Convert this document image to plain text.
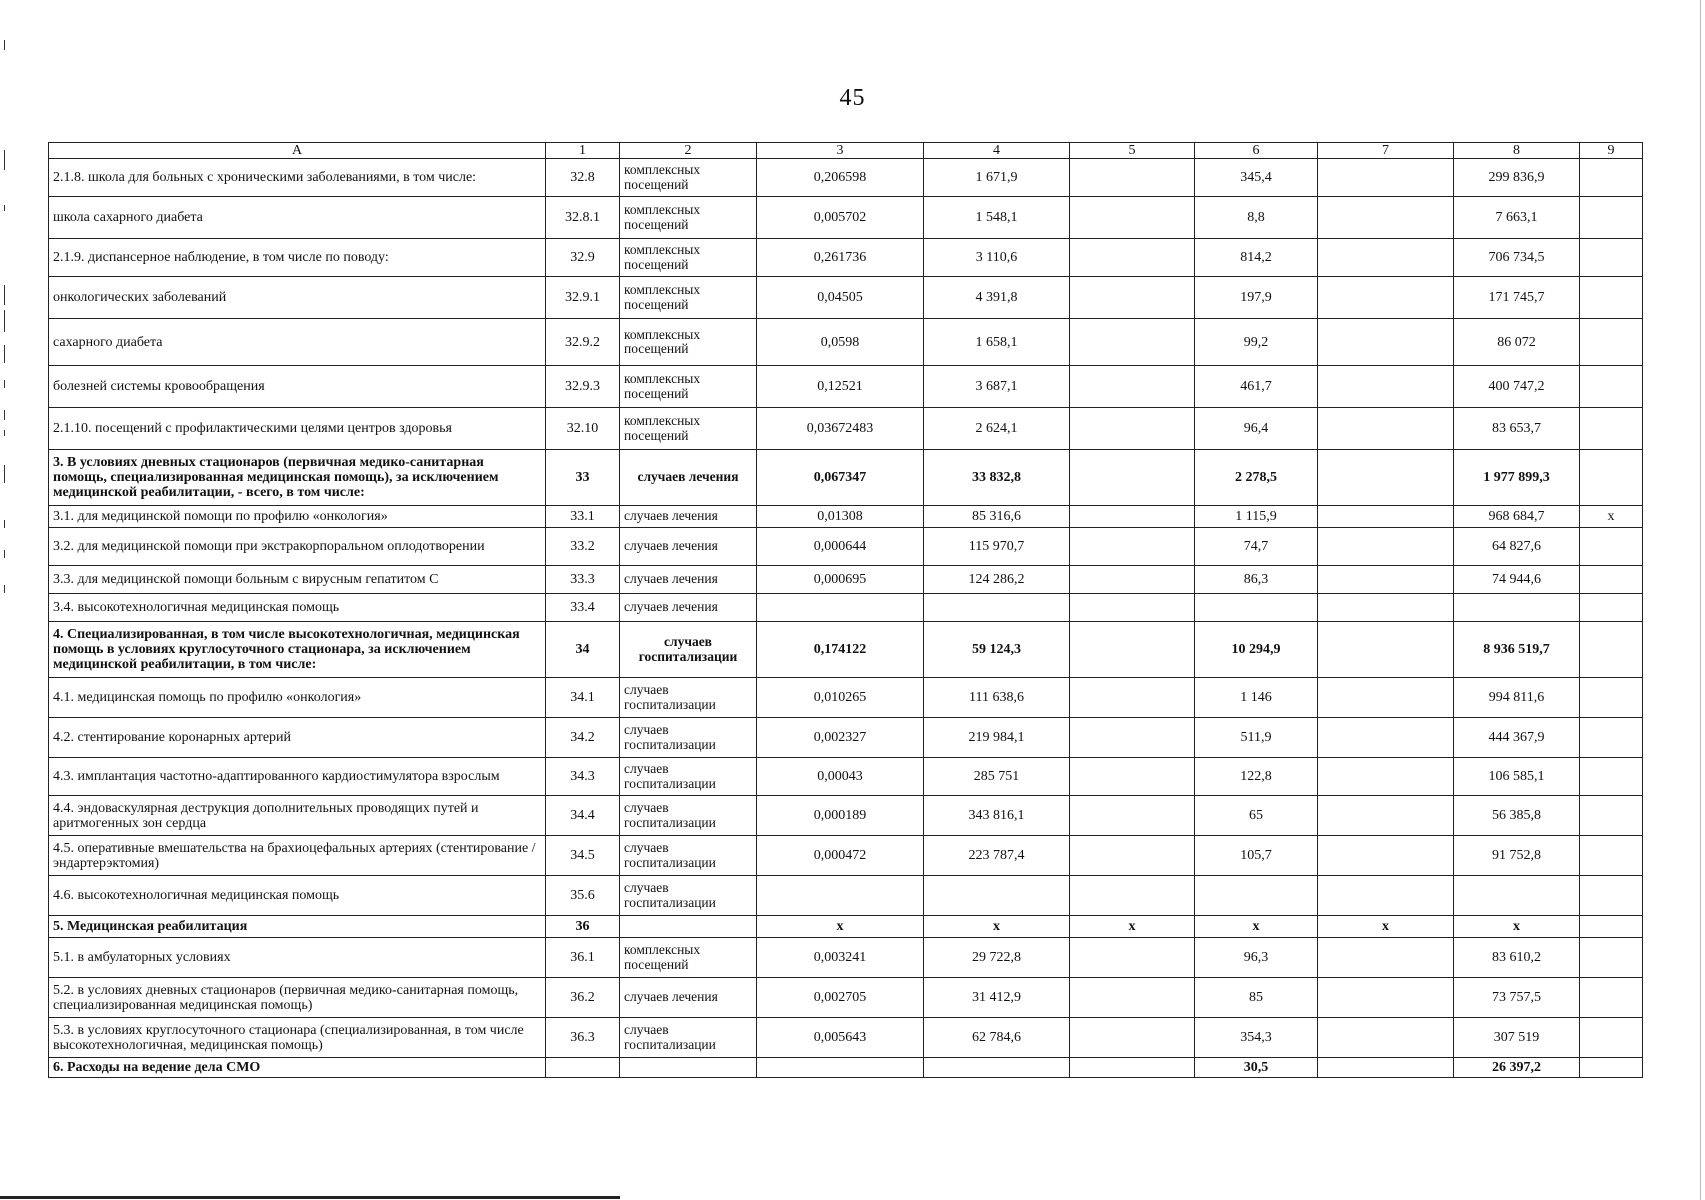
45
A	1	2	3	4	5	6	7	8	9
2.1.8. школа для больных с хроническими заболеваниями, в том числе:	32.8	комплексных посещений	0,206598	1 671,9		345,4		299 836,9	
школа сахарного диабета	32.8.1	комплексных посещений	0,005702	1 548,1		8,8		7 663,1	
2.1.9. диспансерное наблюдение, в том числе по поводу:	32.9	комплексных посещений	0,261736	3 110,6		814,2		706 734,5	
онкологических заболеваний	32.9.1	комплексных посещений	0,04505	4 391,8		197,9		171 745,7	
сахарного диабета	32.9.2	комплексных посещений	0,0598	1 658,1		99,2		86 072	
болезней системы кровообращения	32.9.3	комплексных посещений	0,12521	3 687,1		461,7		400 747,2	
2.1.10. посещений с профилактическими целями центров здоровья	32.10	комплексных посещений	0,03672483	2 624,1		96,4		83 653,7	
3. В условиях дневных стационаров (первичная медико-санитарная помощь, специализированная медицинская помощь), за исключением медицинской реабилитации, - всего, в том числе:	33	случаев лечения	0,067347	33 832,8		2 278,5		1 977 899,3	
3.1. для медицинской помощи по профилю «онкология»	33.1	случаев лечения	0,01308	85 316,6		1 115,9		968 684,7	x
3.2. для медицинской помощи при экстракорпоральном оплодотворении	33.2	случаев лечения	0,000644	115 970,7		74,7		64 827,6	
3.3. для медицинской помощи больным с вирусным гепатитом С	33.3	случаев лечения	0,000695	124 286,2		86,3		74 944,6	
3.4. высокотехнологичная медицинская помощь	33.4	случаев лечения							
4. Специализированная, в том числе высокотехнологичная, медицинская помощь в условиях круглосуточного стационара, за исключением медицинской реабилитации, в том числе:	34	случаев госпитализации	0,174122	59 124,3		10 294,9		8 936 519,7	
4.1. медицинская помощь по профилю «онкология»	34.1	случаев госпитализации	0,010265	111 638,6		1 146		994 811,6	
4.2. стентирование коронарных артерий	34.2	случаев госпитализации	0,002327	219 984,1		511,9		444 367,9	
4.3. имплантация частотно-адаптированного кардиостимулятора взрослым	34.3	случаев госпитализации	0,00043	285 751		122,8		106 585,1	
4.4. эндоваскулярная деструкция дополнительных проводящих путей и аритмогенных зон сердца	34.4	случаев госпитализации	0,000189	343 816,1		65		56 385,8	
4.5. оперативные вмешательства на брахиоцефальных артериях (стентирование / эндартерэктомия)	34.5	случаев госпитализации	0,000472	223 787,4		105,7		91 752,8	
4.6. высокотехнологичная медицинская помощь	35.6	случаев госпитализации							
5. Медицинская реабилитация	36		x	x	x	x	x	x	
5.1. в амбулаторных условиях	36.1	комплексных посещений	0,003241	29 722,8		96,3		83 610,2	
5.2. в условиях дневных стационаров (первичная медико-санитарная помощь, специализированная медицинская помощь)	36.2	случаев лечения	0,002705	31 412,9		85		73 757,5	
5.3. в условиях круглосуточного стационара (специализированная, в том числе высокотехнологичная, медицинская помощь)	36.3	случаев госпитализации	0,005643	62 784,6		354,3		307 519	
6. Расходы на ведение дела СМО						30,5		26 397,2	
